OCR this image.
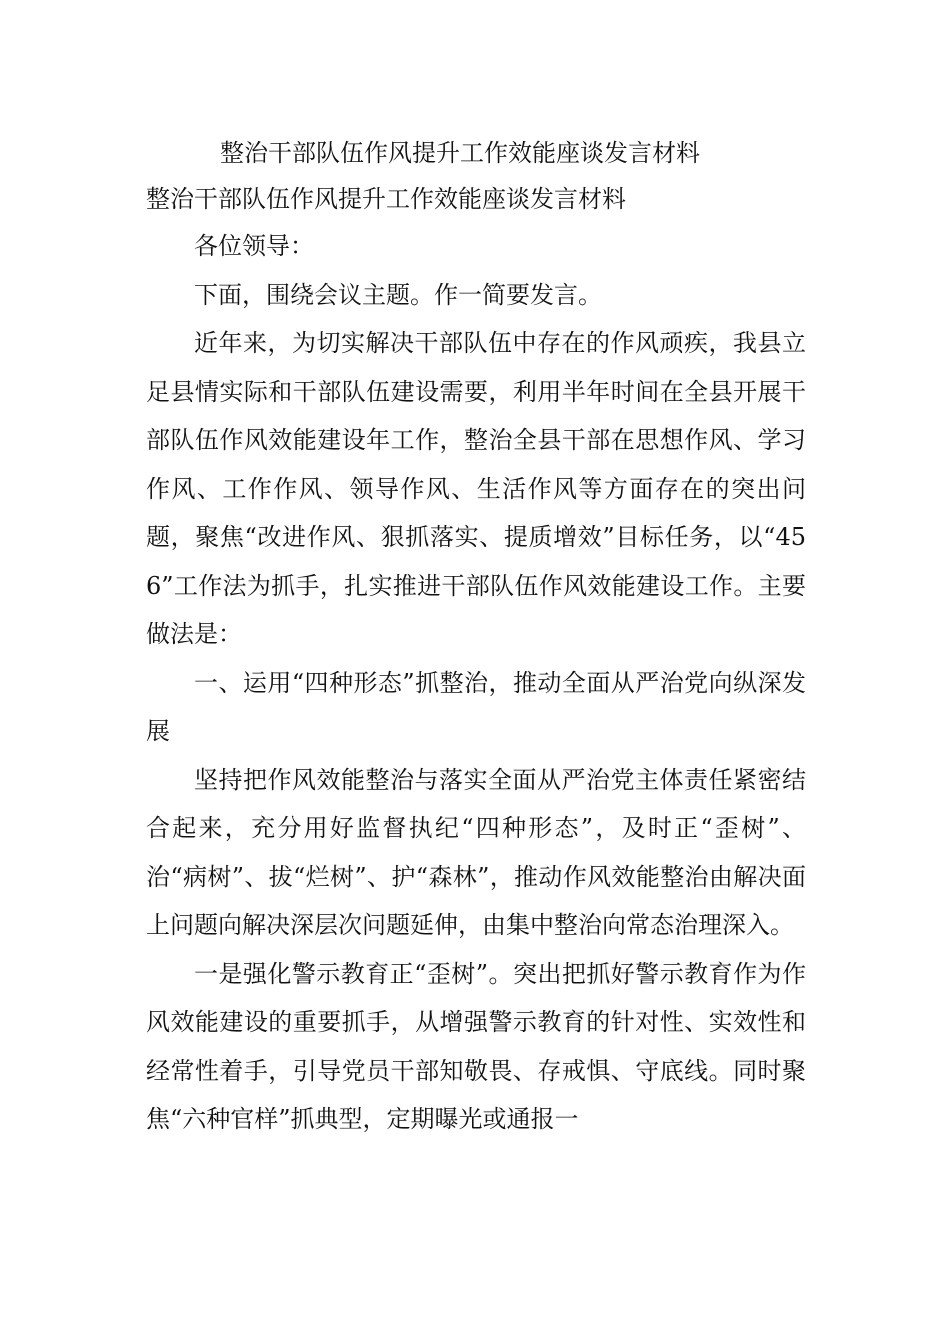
整治干部队伍作风提升工作效能座谈发言材料
整治干部队伍作风提升工作效能座谈发言材料

各位领导：

下面，围绕会议主题。作一简要发言。

近年来，为切实解决干部队伍中存在的作风顽疾，我县立足县情实际和干部队伍建设需要，利用半年时间在全县开展干部队伍作风效能建设年工作，整治全县干部在思想作风、学习作风、工作作风、领导作风、生活作风等方面存在的突出问题，聚焦“改进作风、狠抓落实、提质增效”目标任务，以“456”工作法为抓手，扎实推进干部队伍作风效能建设工作。主要做法是：

一、运用“四种形态”抓整治，推动全面从严治党向纵深发展

坚持把作风效能整治与落实全面从严治党主体责任紧密结合起来，充分用好监督执纪“四种形态”，及时正“歪树”、治“病树”、拔“烂树”、护“森林”，推动作风效能整治由解决面上问题向解决深层次问题延伸，由集中整治向常态治理深入。

一是强化警示教育正“歪树”。突出把抓好警示教育作为作风效能建设的重要抓手，从增强警示教育的针对性、实效性和经常性着手，引导党员干部知敬畏、存戒惧、守底线。同时聚焦“六种官样”抓典型，定期曝光或通报一
